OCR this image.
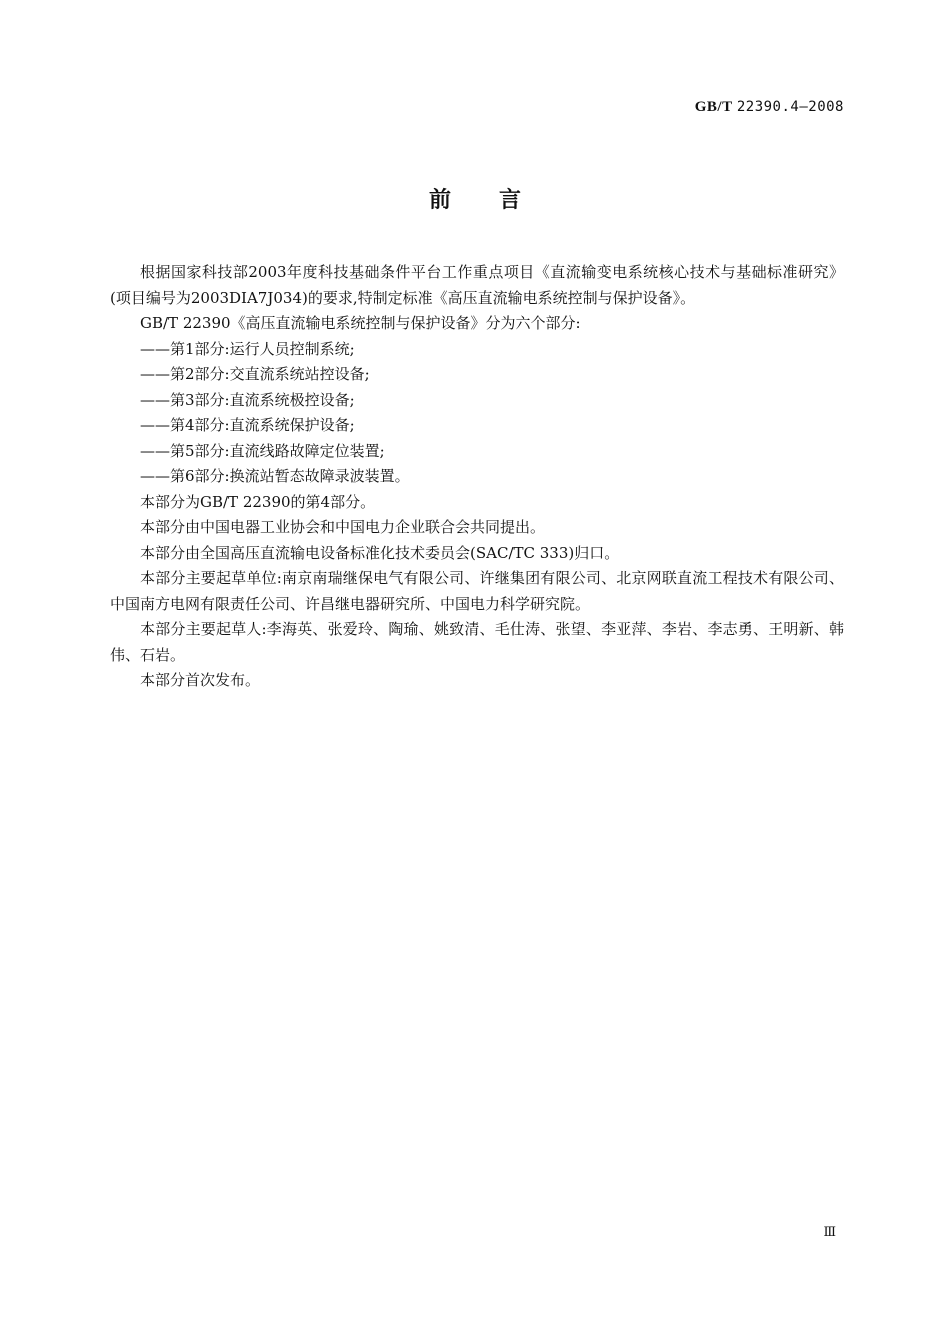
GB/T 22390.4—2008
前 言

根据国家科技部2003年度科技基础条件平台工作重点项目《直流输变电系统核心技术与基础标准研究》(项目编号为2003DIA7J034)的要求,特制定标准《高压直流输电系统控制与保护设备》。

GB/T 22390《高压直流输电系统控制与保护设备》分为六个部分:

——第1部分:运行人员控制系统;

——第2部分:交直流系统站控设备;

——第3部分:直流系统极控设备;

——第4部分:直流系统保护设备;

——第5部分:直流线路故障定位装置;

——第6部分:换流站暂态故障录波装置。

本部分为GB/T 22390的第4部分。

本部分由中国电器工业协会和中国电力企业联合会共同提出。

本部分由全国高压直流输电设备标准化技术委员会(SAC/TC 333)归口。

本部分主要起草单位:南京南瑞继保电气有限公司、许继集团有限公司、北京网联直流工程技术有限公司、中国南方电网有限责任公司、许昌继电器研究所、中国电力科学研究院。

本部分主要起草人:李海英、张爱玲、陶瑜、姚致清、毛仕涛、张望、李亚萍、李岩、李志勇、王明新、韩伟、石岩。

本部分首次发布。

Ⅲ
